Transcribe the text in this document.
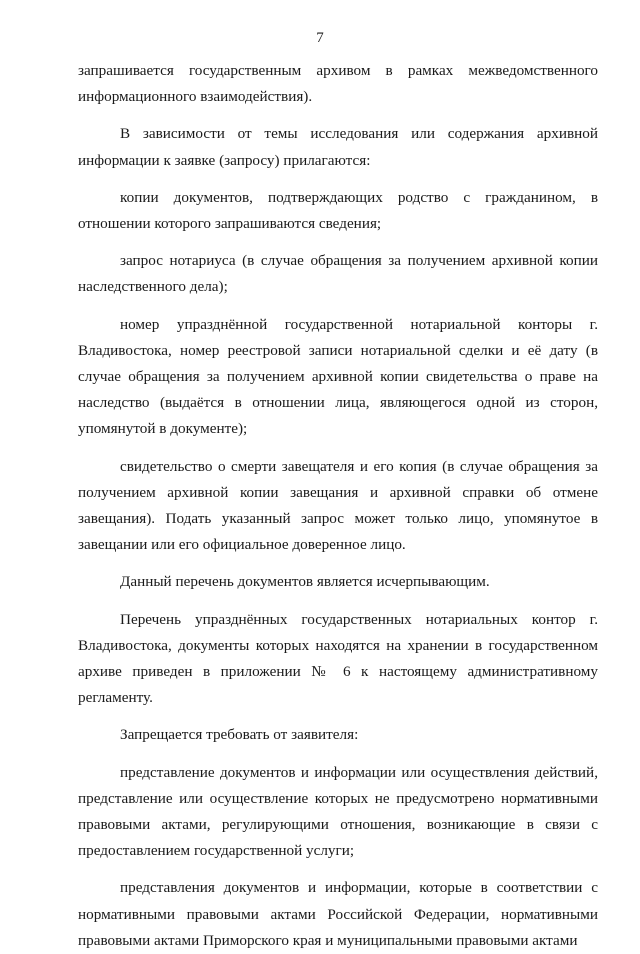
7

запрашивается государственным архивом в рамках межведомственного информационного взаимодействия).

В зависимости от темы исследования или содержания архивной информации к заявке (запросу) прилагаются:

копии документов, подтверждающих родство с гражданином, в отношении которого запрашиваются сведения;

запрос нотариуса (в случае обращения за получением архивной копии наследственного дела);

номер упразднённой государственной нотариальной конторы г. Владивостока, номер реестровой записи нотариальной сделки и её дату (в случае обращения за получением архивной копии свидетельства о праве на наследство (выдаётся в отношении лица, являющегося одной из сторон, упомянутой в документе);

свидетельство о смерти завещателя и его копия (в случае обращения за получением архивной копии завещания и архивной справки об отмене завещания). Подать указанный запрос может только лицо, упомянутое в завещании или его официальное доверенное лицо.

Данный перечень документов является исчерпывающим.

Перечень упразднённых государственных нотариальных контор г. Владивостока, документы которых находятся на хранении в государственном архиве приведен в приложении № 6 к настоящему административному регламенту.

Запрещается требовать от заявителя:

представление документов и информации или осуществления действий, представление или осуществление которых не предусмотрено нормативными правовыми актами, регулирующими отношения, возникающие в связи с предоставлением государственной услуги;

представления документов и информации, которые в соответствии с нормативными правовыми актами Российской Федерации, нормативными правовыми актами Приморского края и муниципальными правовыми актами
